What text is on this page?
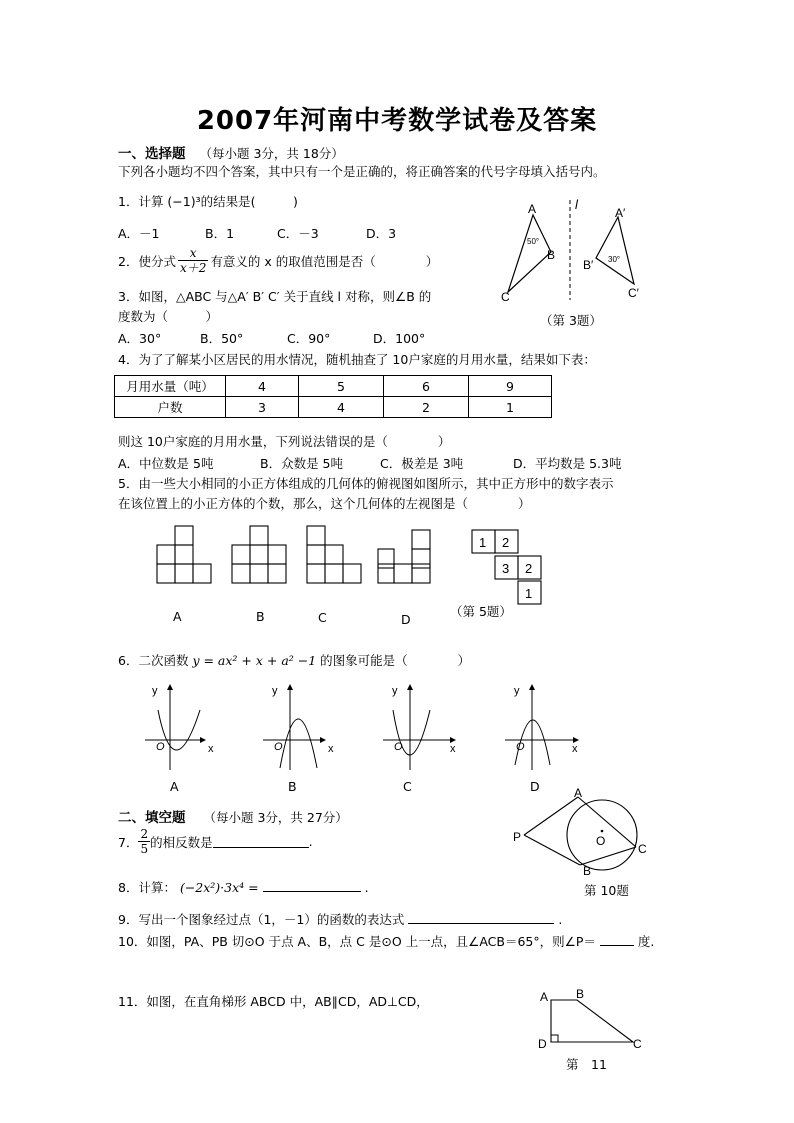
2007年河南中考数学试卷及答案
一、选择题 （每小题 3分，共 18分）
下列各小题均不四个答案，其中只有一个是正确的，将正确答案的代号字母填入括号内。
1．计算 (−1)³的结果是(　　　)
A．－1	B．1	C．－3	D．3
2．使分式 $\frac{x}{x+2}$ 有意义的 x 的取值范围是否（　　　　）
3．如图，△ABC 与△A′ B′ C′ 关于直线 l 对称，则∠B 的
度数为（　　　）
A．30°	B．50°	C．90°	D．100°
A
B
C
50°
l
A′
B′
C′
30°
（第 3题）
4．为了了解某小区居民的用水情况，随机抽查了 10户家庭的月用水量，结果如下表：
月用水量（吨）	4	5	6	9
户数	3	4	2	1
则这 10户家庭的月用水量，下列说法错误的是（　　　　）
A．中位数是 5吨	B．众数是 5吨	C．极差是 3吨	D．平均数是 5.3吨
5．由一些大小相同的小正方体组成的几何体的俯视图如图所示，其中正方形中的数字表示
在该位置上的小正方体的个数，那么，这个几何体的左视图是（　　　　）
A	B	C	D
1 2
3 2
1
（第 5题）
6．二次函数 y = ax² + x + a² −1 的图象可能是（　　　　）
y
O	x
y
O	x
y
O	x
y
O	x
A	B	C	D
二、填空题 （每小题 3分，共 27分）
7． $\frac{2}{5}$ 的相反数是	.
8．计算： (−2x²)·3x⁴ =	.
9．写出一个图象经过点（1，－1）的函数的表达式	.
10．如图，PA、PB 切⊙O 于点 A、B，点 C 是⊙O 上一点，且∠ACB＝65°，则∠P＝	度.
A
P	O
C
B
第 10题
11．如图，在直角梯形 ABCD 中，AB∥CD，AD⊥CD，	A B
C
D
第　11
